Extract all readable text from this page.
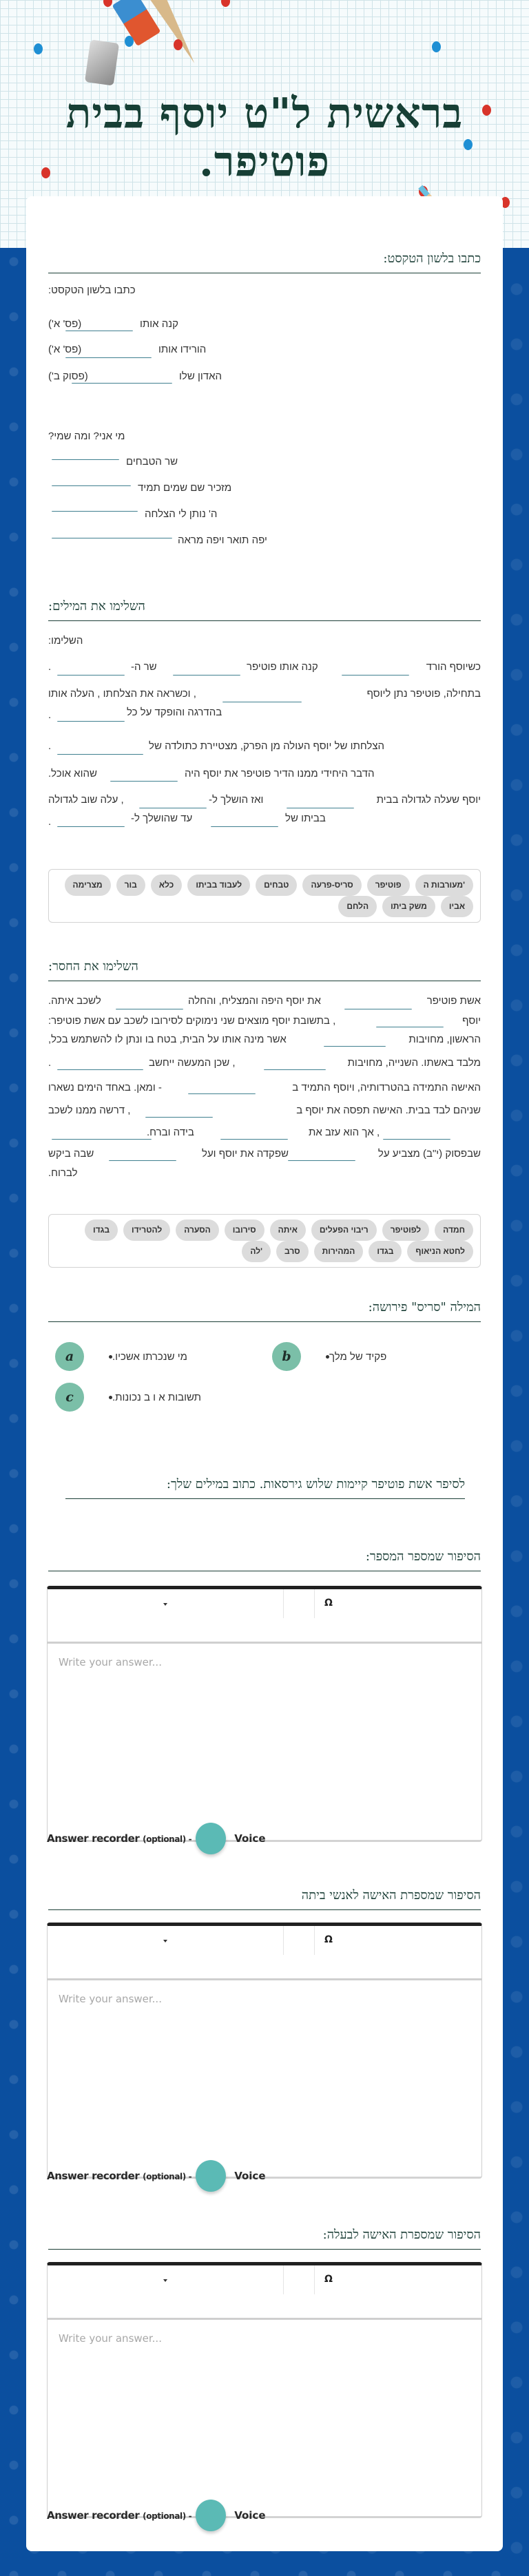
בראשית ל"ט יוסף בבית פוטיפר.
כתבו בלשון הטקסט:
כתבו בלשון הטקסט:
(פס' א')	קנה אותו
(פס' א')	הורידו אותו
(פסוק ב')	האדון שלו
מי אני? ומה שמי?
שר הטבחים
מזכיר שם שמים תמיד
ה' נותן לי הצלחה
יפה תואר ויפה מראה
השלימו את המילים:
השלימו:
כשיוסף הורד
קנה אותו פוטיפר
שר ה-
.
בתחילה, פוטיפר נתן ליוסף
, וכשראה את הצלחתו , העלה אותו
בהדרגה והופקד על כל
.
הצלחתו של יוסף העולה מן הפרק, מצטיירת כתולדה של
.
הדבר היחידי ממנו הדיר פוטיפר את יוסף היה
שהוא אוכל.
יוסף שעלה לגדולה בבית
ואז הושלך ל-
, עלה שוב לגדולה
בביתו של
עד שהושלך ל-
.
'מעורבות ה
פוטיפר
סריס-פרעה
טבחים
לעבוד בביתו
כלא
בור
מצרימה
אביו
משק ביתו
הלחם
השלימו את החסר:
אשת פוטיפר
את יוסף היפה והמצליח, והחלה
לשכב איתה.
יוסף
, בתשובת יוסף מוצאים שני נימוקים לסירובו לשכב עם אשת פוטיפר:
הראשון, מחויבות
אשר מינה אותו על הבית, בטח בו ונתן לו להשתמש בכל,
מלבד באשתו. השנייה, מחויבות
, שכן המעשה ייחשב
.
האישה התמידה בהטרדותיה, ויוסף התמיד ב
- ומאן. באחד הימים נשארו
שניהם לבד בבית. האישה תפסה את יוסף ב
, דרשה ממנו לשכב
, אך הוא עזב את
בידה וברח.
שבפסוק (י"ב) מצביע על
שפקדה את יוסף ועל
שבה ביקש
לברוח.
חמדה
לפוטיפר
ריבוי הפעלים
איתה
סירובו
הסערה
להטרידו
בגדו
לחטא הניאוף
בגדו
המהירות
סרב
'לה
המילה "סריס" פירושה:
a	מי שנכרתו אשכיו.	b	פקיד של מלך
c	תשובות א ו ב נכונות.
לסיפר אשת פוטיפר קיימות שלוש גירסאות. כתוב במילים שלך:
הסיפור שמספר המספר:
Ω
Write your answer...
Answer recorder (optional) -	Voice
הסיפור שמספרת האישה לאנשי ביתה
Ω
Write your answer...
Answer recorder (optional) -	Voice
הסיפור שמספרת האישה לבעלה:
Ω
Write your answer...
Answer recorder (optional) -	Voice
